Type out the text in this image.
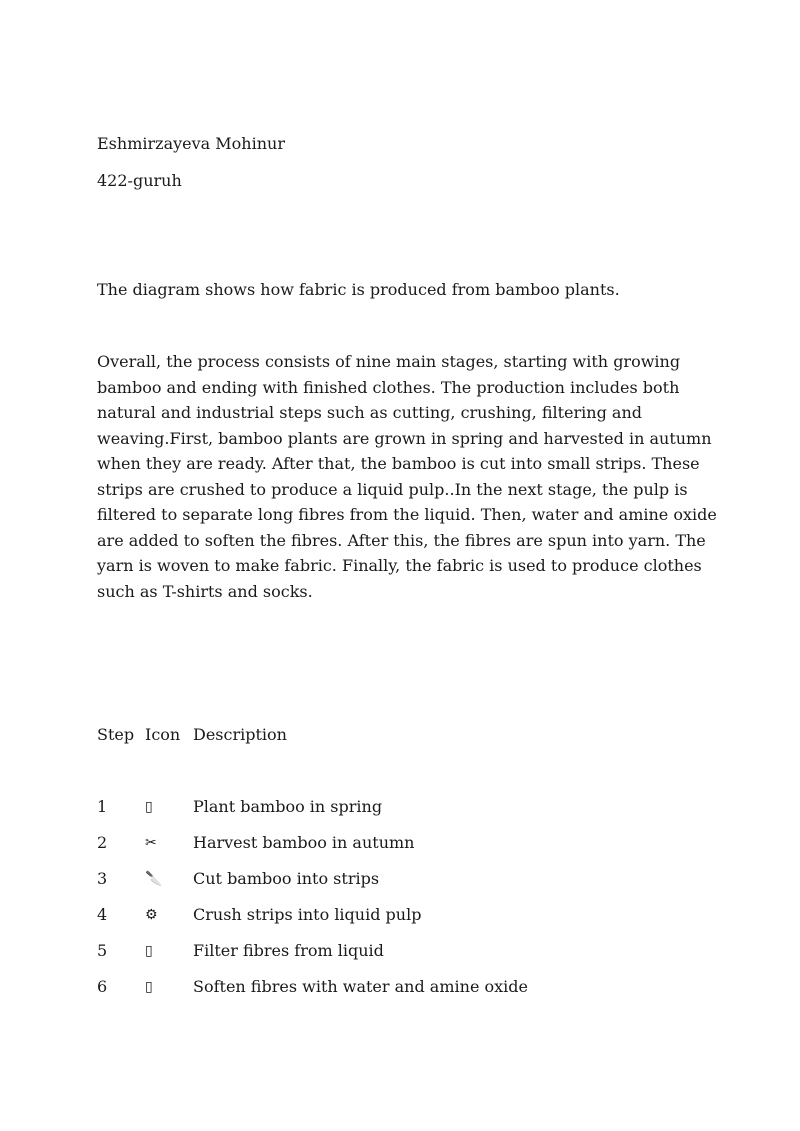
Eshmirzayeva Mohinur
422-guruh
The diagram shows how fabric is produced from bamboo plants.
Overall, the process consists of nine main stages, starting with growing
bamboo and ending with finished clothes. The production includes both
natural and industrial steps such as cutting, crushing, filtering and
weaving.First, bamboo plants are grown in spring and harvested in autumn
when they are ready. After that, the bamboo is cut into small strips. These
strips are crushed to produce a liquid pulp..In the next stage, the pulp is
filtered to separate long fibres from the liquid. Then, water and amine oxide
are added to soften the fibres. After this, the fibres are spun into yarn. The
yarn is woven to make fabric. Finally, the fabric is used to produce clothes
such as T-shirts and socks.
Step Icon Description
1	▯	Plant bamboo in spring
2	✂	Harvest bamboo in autumn
3	🔪	Cut bamboo into strips
4	⚙	Crush strips into liquid pulp
5	▯	Filter fibres from liquid
6	▯	Soften fibres with water and amine oxide
